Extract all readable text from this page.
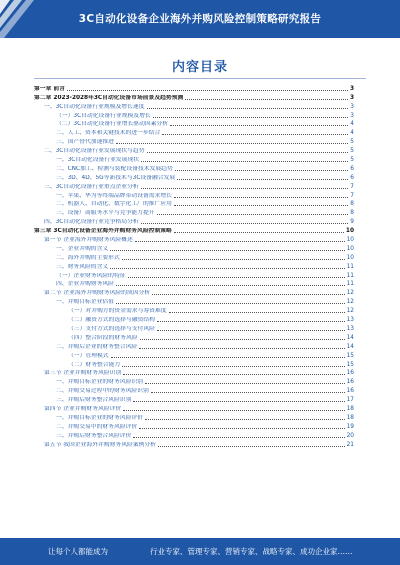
3C自动化设备企业海外并购风险控制策略研究报告
内容目录
第一章 前言	3
第二章 2023-2028年3C自动化设备市场前景及趋势预测	3
一、3C自动化设备行业规模及增长速度	3
（一）3C自动化设备行业规模及增长	3
（二）3C自动化设备行业增长驱动因素分析	4
二、人工、资本和关键技术的进一步结合	4
三、国产替代加速推进	5
二、3C自动化设备行业发展现状与趋势	5
一、3C自动化设备行业发展现状	5
二、CNC加工、检测与装配设备技术发展趋势	6
三、3D、4D、5G等新技术与3C设备融合发展	6
三、3C自动化设备行业重点企业分析	7
一、苹果、华为等终端品牌带动设备需求增长	7
二、机器人、自动化、数字化工厂的推广应用	8
三、设备厂商服务水平与竞争能力提升	8
四、3C自动化设备行业竞争格局分析	9
第三章 3C自动化设备企业海外并购财务风险控制策略	10
第一节 企业海外并购财务风险概述	10
一、企业并购的含义	10
二、海外并购的主要形式	10
三、财务风险的含义	11
（一）企业财务风险的特征	11
四、企业并购财务风险	11
第二节 企业海外并购财务风险的成因分析	12
一、并购目标企业估值	12
（一）对并购方的资金需求与筹资难度	12
（二）融资方式的选择与融资结构	13
（三）支付方式的选择与支付风险	13
（四）整合阶段的财务风险	14
二、并购后企业的财务整合风险	14
（一）管理模式	15
（二）财务整合能力	15
第三节 企业并购财务风险识别	16
一、并购目标企业的财务风险识别	16
二、并购交易过程中的财务风险识别	16
三、并购后财务整合风险识别	17
第四节 企业并购财务风险评价	18
一、并购目标企业的财务风险评价	18
二、并购交易中的财务风险评价	19
三、并购后财务整合风险评价	20
第五节 我国企业海外并购财务风险案例分析	21
让每个人都能成为	行业专家、管理专家、营销专家、战略专家、成功企业家……
